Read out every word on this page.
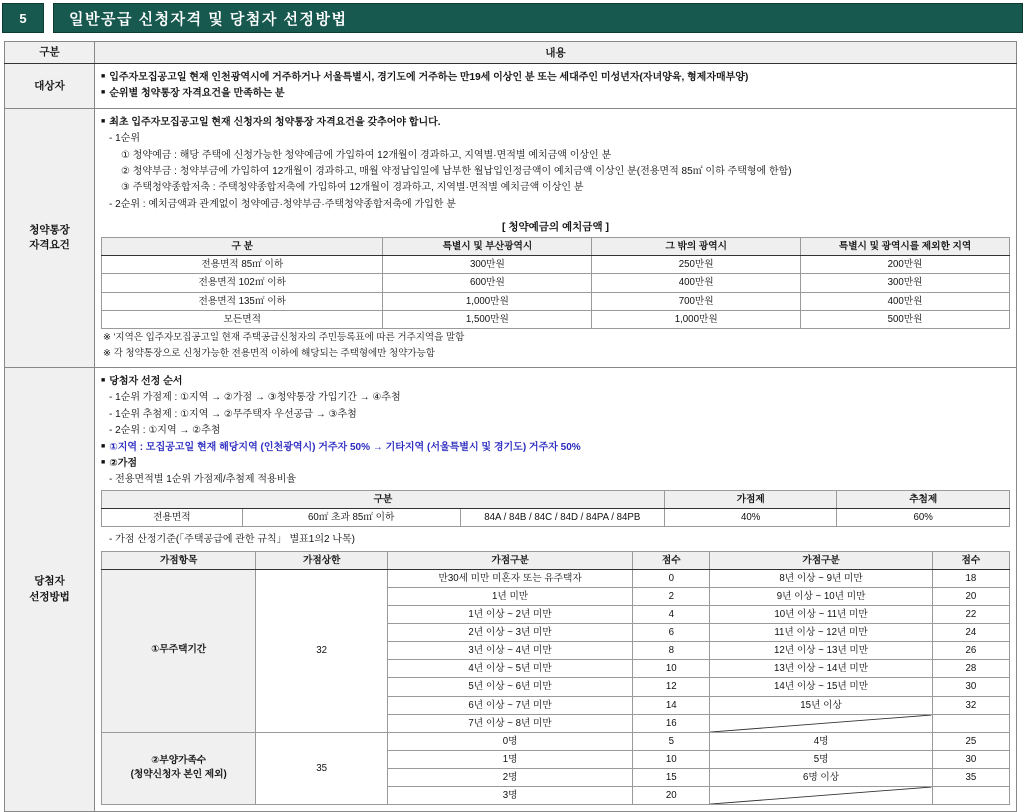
5	일반공급 신청자격 및 당첨자 선정방법
구분	내용
대상자	
■ 입주자모집공고일 현재 인천광역시에 거주하거나 서울특별시, 경기도에 거주하는 만19세 이상인 분 또는 세대주인 미성년자(자녀양육, 형제자매부양)
■ 순위별 청약통장 자격요건을 만족하는 분

청약통장
자격요건

■ 최초 입주자모집공고일 현재 신청자의 청약통장 자격요건을 갖추어야 합니다.
- 1순위
① 청약예금 : 해당 주택에 신청가능한 청약예금에 가입하여 12개월이 경과하고, 지역별·면적별 예치금액 이상인 분
② 청약부금 : 청약부금에 가입하여 12개월이 경과하고, 매월 약정납입일에 납부한 월납입인정금액이 예치금액 이상인 분(전용면적 85㎡ 이하 주택형에 한함)
③ 주택청약종합저축 : 주택청약종합저축에 가입하여 12개월이 경과하고, 지역별·면적별 예치금액 이상인 분
- 2순위 : 예치금액과 관계없이 청약예금·청약부금·주택청약종합저축에 가입한 분
[ 청약예금의 예치금액 ]
구 분	특별시 및 부산광역시	그 밖의 광역시	특별시 및 광역시를 제외한 지역
전용면적 85㎡ 이하	300만원	250만원	200만원
전용면적 102㎡ 이하	600만원	400만원	300만원
전용면적 135㎡ 이하	1,000만원	700만원	400만원
모든면적	1,500만원	1,000만원	500만원
※ '지역은 입주자모집공고일 현재 주택공급신청자의 주민등록표에 따른 거주지역을 말함
※ 각 청약통장으로 신청가능한 전용면적 이하에 해당되는 주택형에만 청약가능함

당첨자
선정방법

■ 당첨자 선정 순서
- 1순위 가점제 : ①지역 → ②가점 → ③청약통장 가입기간 → ④추첨
- 1순위 추첨제 : ①지역 → ②무주택자 우선공급 → ③추첨
- 2순위 : ①지역 → ②추첨
■ ①지역 : 모집공고일 현재 해당지역 (인천광역시) 거주자 50% → 기타지역 (서울특별시 및 경기도) 거주자 50%
■ ②가점
- 전용면적별 1순위 가점제/추첨제 적용비율
구분	가점제	추첨제
전용면적	60㎡ 초과 85㎡ 이하	84A / 84B / 84C / 84D / 84PA / 84PB	40%	60%
- 가점 산정기준(「주택공급에 관한 규칙」 별표1의2 나목)
가점항목	가점상한	가점구분	점수	가점구분	점수
①무주택기간	32	만30세 미만 미혼자 또는 유주택자	0	8년 이상 ~ 9년 미만	18
1년 미만	2	9년 이상 ~ 10년 미만	20
1년 이상 ~ 2년 미만	4	10년 이상 ~ 11년 미만	22
2년 이상 ~ 3년 미만	6	11년 이상 ~ 12년 미만	24
3년 이상 ~ 4년 미만	8	12년 이상 ~ 13년 미만	26
4년 이상 ~ 5년 미만	10	13년 이상 ~ 14년 미만	28
5년 이상 ~ 6년 미만	12	14년 이상 ~ 15년 미만	30
6년 이상 ~ 7년 미만	14	15년 이상	32
7년 이상 ~ 8년 미만	16	

②부양가족수
(청약신청자 본인 제외)
	35	0명	5	4명	25
1명	10	5명	30
2명	15	6명 이상	35
3명	20	
